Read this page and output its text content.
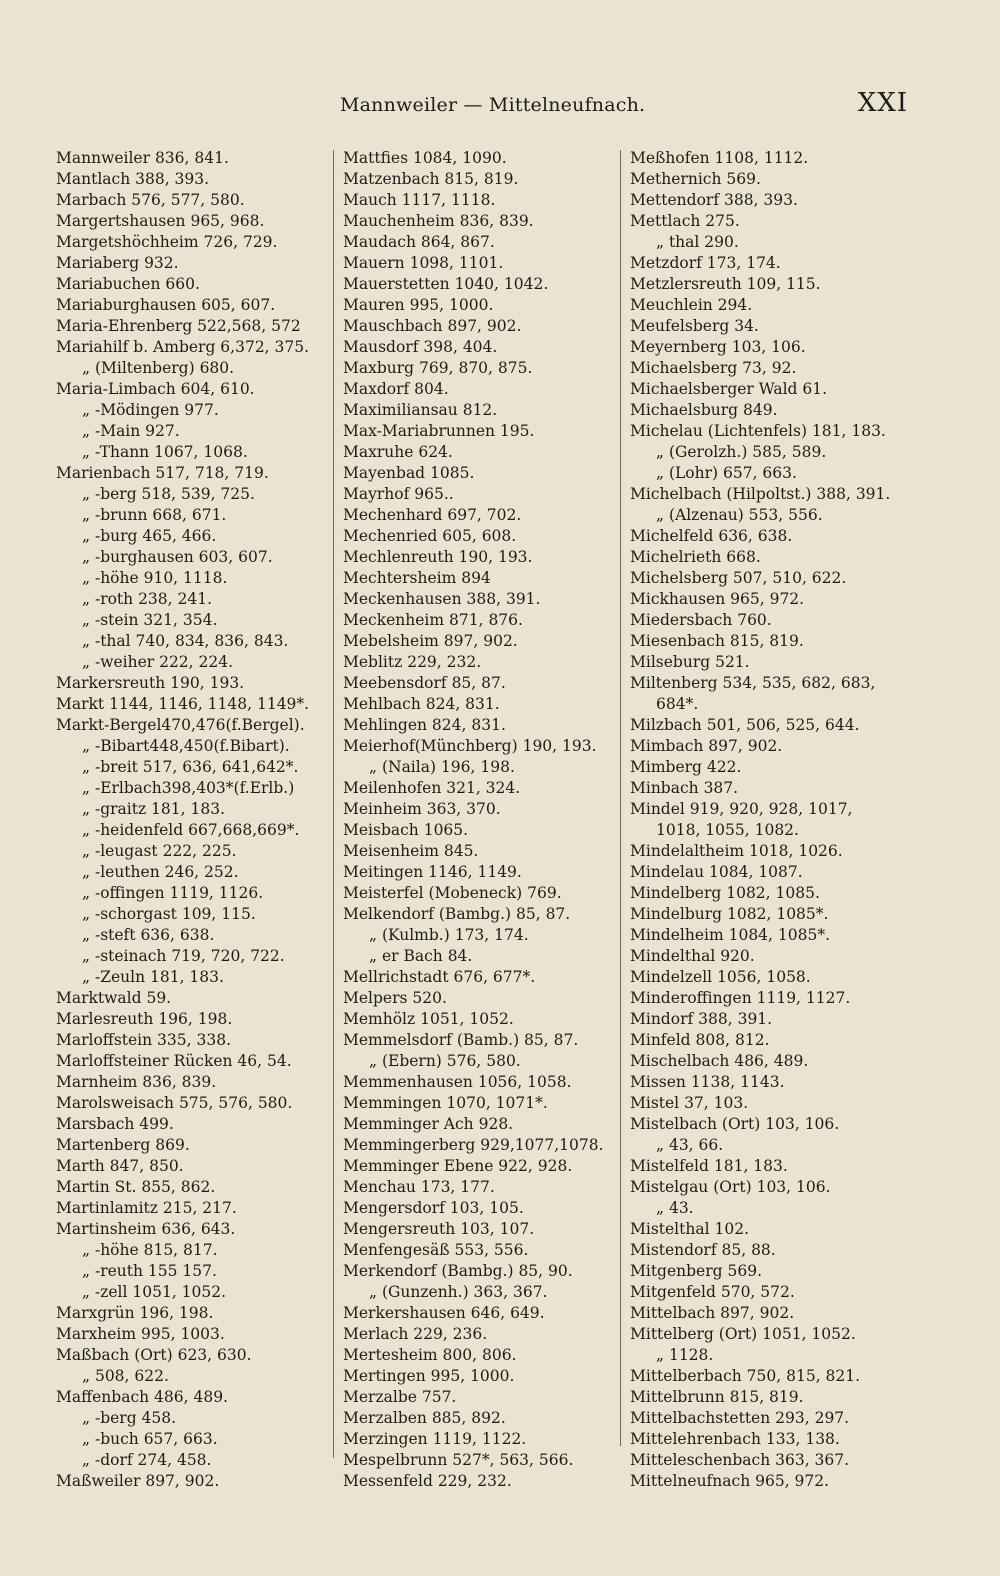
Mannweiler — Mittelneufnach.	XXI
Mannweiler 836, 841.
Mantlach 388, 393.
Marbach 576, 577, 580.
Margertshausen 965, 968.
Margetshöchheim 726, 729.
Mariaberg 932.
Mariabuchen 660.
Mariaburghausen 605, 607.
Maria-Ehrenberg 522,568, 572
Mariahilf b. Amberg 6,372, 375.
„ (Miltenberg) 680.
Maria-Limbach 604, 610.
„ -Mödingen 977.
„ -Main 927.
„ -Thann 1067, 1068.
Marienbach 517, 718, 719.
„ -berg 518, 539, 725.
„ -brunn 668, 671.
„ -burg 465, 466.
„ -burghausen 603, 607.
„ -höhe 910, 1118.
„ -roth 238, 241.
„ -stein 321, 354.
„ -thal 740, 834, 836, 843.
„ -weiher 222, 224.
Markersreuth 190, 193.
Markt 1144, 1146, 1148, 1149*.
Markt-Bergel470,476(f.Bergel).
„ -Bibart448,450(f.Bibart).
„ -breit 517, 636, 641,642*.
„ -Erlbach398,403*(f.Erlb.)
„ -graitz 181, 183.
„ -heidenfeld 667,668,669*.
„ -leugast 222, 225.
„ -leuthen 246, 252.
„ -offingen 1119, 1126.
„ -schorgast 109, 115.
„ -steft 636, 638.
„ -steinach 719, 720, 722.
„ -Zeuln 181, 183.
Marktwald 59.
Marlesreuth 196, 198.
Marloffstein 335, 338.
Marloffsteiner Rücken 46, 54.
Marnheim 836, 839.
Marolsweisach 575, 576, 580.
Marsbach 499.
Martenberg 869.
Marth 847, 850.
Martin St. 855, 862.
Martinlamitz 215, 217.
Martinsheim 636, 643.
„ -höhe 815, 817.
„ -reuth 155 157.
„ -zell 1051, 1052.
Marxgrün 196, 198.
Marxheim 995, 1003.
Maßbach (Ort) 623, 630.
„ 508, 622.
Maffenbach 486, 489.
„ -berg 458.
„ -buch 657, 663.
„ -dorf 274, 458.
Maßweiler 897, 902.
Mattfies 1084, 1090.
Matzenbach 815, 819.
Mauch 1117, 1118.
Mauchenheim 836, 839.
Maudach 864, 867.
Mauern 1098, 1101.
Mauerstetten 1040, 1042.
Mauren 995, 1000.
Mauschbach 897, 902.
Mausdorf 398, 404.
Maxburg 769, 870, 875.
Maxdorf 804.
Maximiliansau 812.
Max-Mariabrunnen 195.
Maxruhe 624.
Mayenbad 1085.
Mayrhof 965..
Mechenhard 697, 702.
Mechenried 605, 608.
Mechlenreuth 190, 193.
Mechtersheim 894
Meckenhausen 388, 391.
Meckenheim 871, 876.
Mebelsheim 897, 902.
Meblitz 229, 232.
Meebensdorf 85, 87.
Mehlbach 824, 831.
Mehlingen 824, 831.
Meierhof(Münchberg) 190, 193.
„ (Naila) 196, 198.
Meilenhofen 321, 324.
Meinheim 363, 370.
Meisbach 1065.
Meisenheim 845.
Meitingen 1146, 1149.
Meisterfel (Mobeneck) 769.
Melkendorf (Bambg.) 85, 87.
„ (Kulmb.) 173, 174.
„ er Bach 84.
Mellrichstadt 676, 677*.
Melpers 520.
Memhölz 1051, 1052.
Memmelsdorf (Bamb.) 85, 87.
„ (Ebern) 576, 580.
Memmenhausen 1056, 1058.
Memmingen 1070, 1071*.
Memminger Ach 928.
Memmingerberg 929,1077,1078.
Memminger Ebene 922, 928.
Menchau 173, 177.
Mengersdorf 103, 105.
Mengersreuth 103, 107.
Menfengesäß 553, 556.
Merkendorf (Bambg.) 85, 90.
„ (Gunzenh.) 363, 367.
Merkershausen 646, 649.
Merlach 229, 236.
Mertesheim 800, 806.
Mertingen 995, 1000.
Merzalbe 757.
Merzalben 885, 892.
Merzingen 1119, 1122.
Mespelbrunn 527*, 563, 566.
Messenfeld 229, 232.
Meßhofen 1108, 1112.
Methernich 569.
Mettendorf 388, 393.
Mettlach 275.
„ thal 290.
Metzdorf 173, 174.
Metzlersreuth 109, 115.
Meuchlein 294.
Meufelsberg 34.
Meyernberg 103, 106.
Michaelsberg 73, 92.
Michaelsberger Wald 61.
Michaelsburg 849.
Michelau (Lichtenfels) 181, 183.
„ (Gerolzh.) 585, 589.
„ (Lohr) 657, 663.
Michelbach (Hilpoltst.) 388, 391.
„ (Alzenau) 553, 556.
Michelfeld 636, 638.
Michelrieth 668.
Michelsberg 507, 510, 622.
Mickhausen 965, 972.
Miedersbach 760.
Miesenbach 815, 819.
Milseburg 521.
Miltenberg 534, 535, 682, 683,
684*.
Milzbach 501, 506, 525, 644.
Mimbach 897, 902.
Mimberg 422.
Minbach 387.
Mindel 919, 920, 928, 1017,
1018, 1055, 1082.
Mindelaltheim 1018, 1026.
Mindelau 1084, 1087.
Mindelberg 1082, 1085.
Mindelburg 1082, 1085*.
Mindelheim 1084, 1085*.
Mindelthal 920.
Mindelzell 1056, 1058.
Minderoffingen 1119, 1127.
Mindorf 388, 391.
Minfeld 808, 812.
Mischelbach 486, 489.
Missen 1138, 1143.
Mistel 37, 103.
Mistelbach (Ort) 103, 106.
„ 43, 66.
Mistelfeld 181, 183.
Mistelgau (Ort) 103, 106.
„ 43.
Mistelthal 102.
Mistendorf 85, 88.
Mitgenberg 569.
Mitgenfeld 570, 572.
Mittelbach 897, 902.
Mittelberg (Ort) 1051, 1052.
„ 1128.
Mittelberbach 750, 815, 821.
Mittelbrunn 815, 819.
Mittelbachstetten 293, 297.
Mittelehrenbach 133, 138.
Mitteleschenbach 363, 367.
Mittelneufnach 965, 972.
